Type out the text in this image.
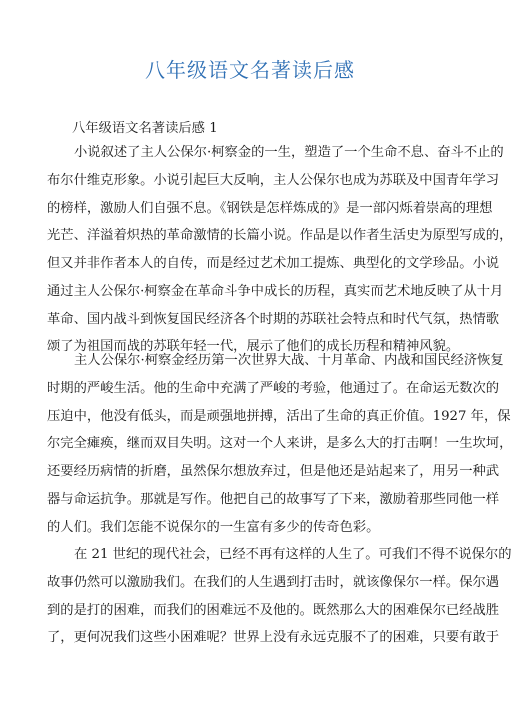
八年级语文名著读后感
八年级语文名著读后感 1
小说叙述了主人公保尔·柯察金的一生，塑造了一个生命不息、奋斗不止的
布尔什维克形象。小说引起巨大反响，主人公保尔也成为苏联及中国青年学习
的榜样，激励人们自强不息。《钢铁是怎样炼成的》是一部闪烁着崇高的理想
光芒、洋溢着炽热的革命激情的长篇小说。作品是以作者生活史为原型写成的，
但又并非作者本人的自传，而是经过艺术加工提炼、典型化的文学珍品。小说
通过主人公保尔·柯察金在革命斗争中成长的历程，真实而艺术地反映了从十月
革命、国内战斗到恢复国民经济各个时期的苏联社会特点和时代气氛，热情歌
颂了为祖国而战的苏联年轻一代，展示了他们的成长历程和精神风貌。
主人公保尔·柯察金经历第一次世界大战、十月革命、内战和国民经济恢复
时期的严峻生活。他的生命中充满了严峻的考验，他通过了。在命运无数次的
压迫中，他没有低头，而是顽强地拼搏，活出了生命的真正价值。1927 年，保
尔完全瘫痪，继而双目失明。这对一个人来讲，是多么大的打击啊！一生坎坷，
还要经历病情的折磨，虽然保尔想放弃过，但是他还是站起来了，用另一种武
器与命运抗争。那就是写作。他把自己的故事写了下来，激励着那些同他一样
的人们。我们怎能不说保尔的一生富有多少的传奇色彩。
在 21 世纪的现代社会，已经不再有这样的人生了。可我们不得不说保尔的
故事仍然可以激励我们。在我们的人生遇到打击时，就该像保尔一样。保尔遇
到的是打的困难，而我们的困难远不及他的。既然那么大的困难保尔已经战胜
了，更何况我们这些小困难呢？世界上没有永远克服不了的困难，只要有敢于
